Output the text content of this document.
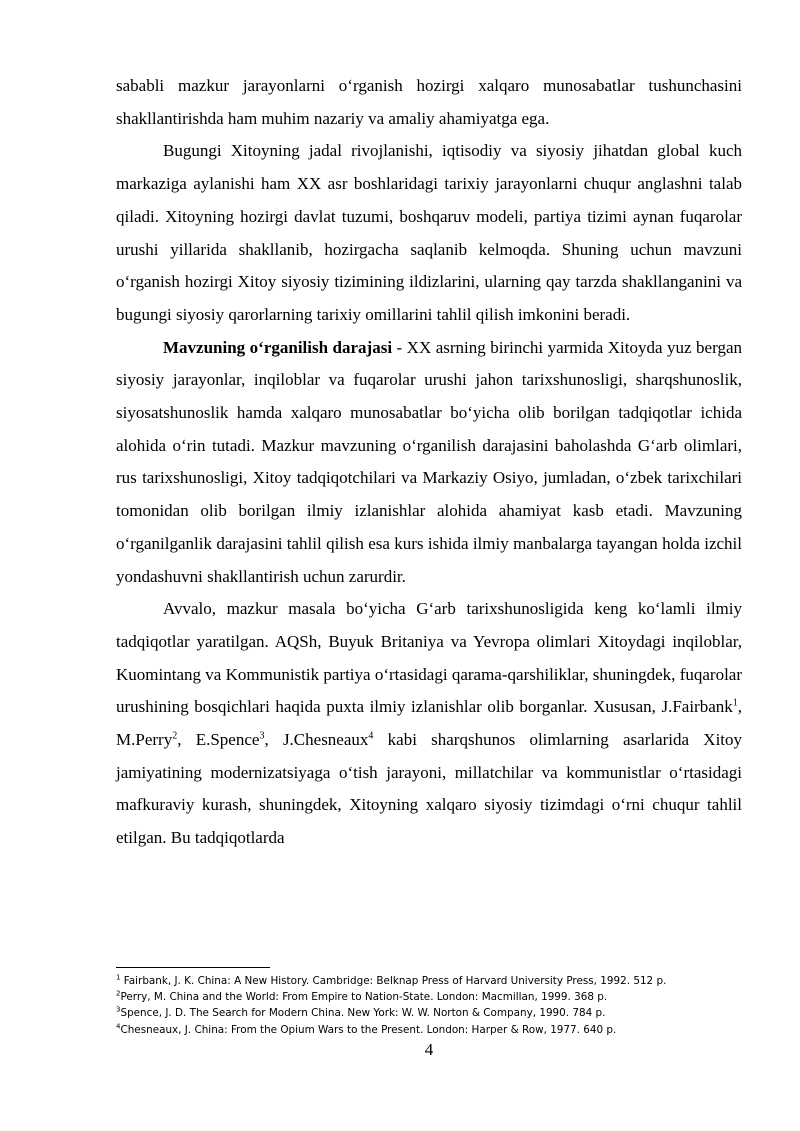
sababli mazkur jarayonlarni o‘rganish hozirgi xalqaro munosabatlar tushunchasini shakllantirishda ham muhim nazariy va amaliy ahamiyatga ega.

Bugungi Xitoyning jadal rivojlanishi, iqtisodiy va siyosiy jihatdan global kuch markaziga aylanishi ham XX asr boshlaridagi tarixiy jarayonlarni chuqur anglashni talab qiladi. Xitoyning hozirgi davlat tuzumi, boshqaruv modeli, partiya tizimi aynan fuqarolar urushi yillarida shakllanib, hozirgacha saqlanib kelmoqda. Shuning uchun mavzuni o‘rganish hozirgi Xitoy siyosiy tizimining ildizlarini, ularning qay tarzda shakllanganini va bugungi siyosiy qarorlarning tarixiy omillarini tahlil qilish imkonini beradi.

Mavzuning o‘rganilish darajasi - XX asrning birinchi yarmida Xitoyda yuz bergan siyosiy jarayonlar, inqiloblar va fuqarolar urushi jahon tarixshunosligi, sharqshunoslik, siyosatshunoslik hamda xalqaro munosabatlar bo‘yicha olib borilgan tadqiqotlar ichida alohida o‘rin tutadi. Mazkur mavzuning o‘rganilish darajasini baholashda G‘arb olimlari, rus tarixshunosligi, Xitoy tadqiqotchilari va Markaziy Osiyo, jumladan, o‘zbek tarixchilari tomonidan olib borilgan ilmiy izlanishlar alohida ahamiyat kasb etadi. Mavzuning o‘rganilganlik darajasini tahlil qilish esa kurs ishida ilmiy manbalarga tayangan holda izchil yondashuvni shakllantirish uchun zarurdir.

Avvalo, mazkur masala bo‘yicha G‘arb tarixshunosligida keng ko‘lamli ilmiy tadqiqotlar yaratilgan. AQSh, Buyuk Britaniya va Yevropa olimlari Xitoydagi inqiloblar, Kuomintang va Kommunistik partiya o‘rtasidagi qarama-qarshiliklar, shuningdek, fuqarolar urushining bosqichlari haqida puxta ilmiy izlanishlar olib borganlar. Xususan, J.Fairbank$^1$, M.Perry$^2$, E.Spence$^3$, J.Chesneaux$^4$ kabi sharqshunos olimlarning asarlarida Xitoy jamiyatining modernizatsiyaga o‘tish jarayoni, millatchilar va kommunistlar o‘rtasidagi mafkuraviy kurash, shuningdek, Xitoyning xalqaro siyosiy tizimdagi o‘rni chuqur tahlil etilgan. Bu tadqiqotlarda

$^1$ Fairbank, J. K. China: A New History. Cambridge: Belknap Press of Harvard University Press, 1992. 512 p.
$^2$Perry, M. China and the World: From Empire to Nation-State. London: Macmillan, 1999. 368 p.
$^3$Spence, J. D. The Search for Modern China. New York: W. W. Norton & Company, 1990. 784 p.
$^4$Chesneaux, J. China: From the Opium Wars to the Present. London: Harper & Row, 1977. 640 p.
4
